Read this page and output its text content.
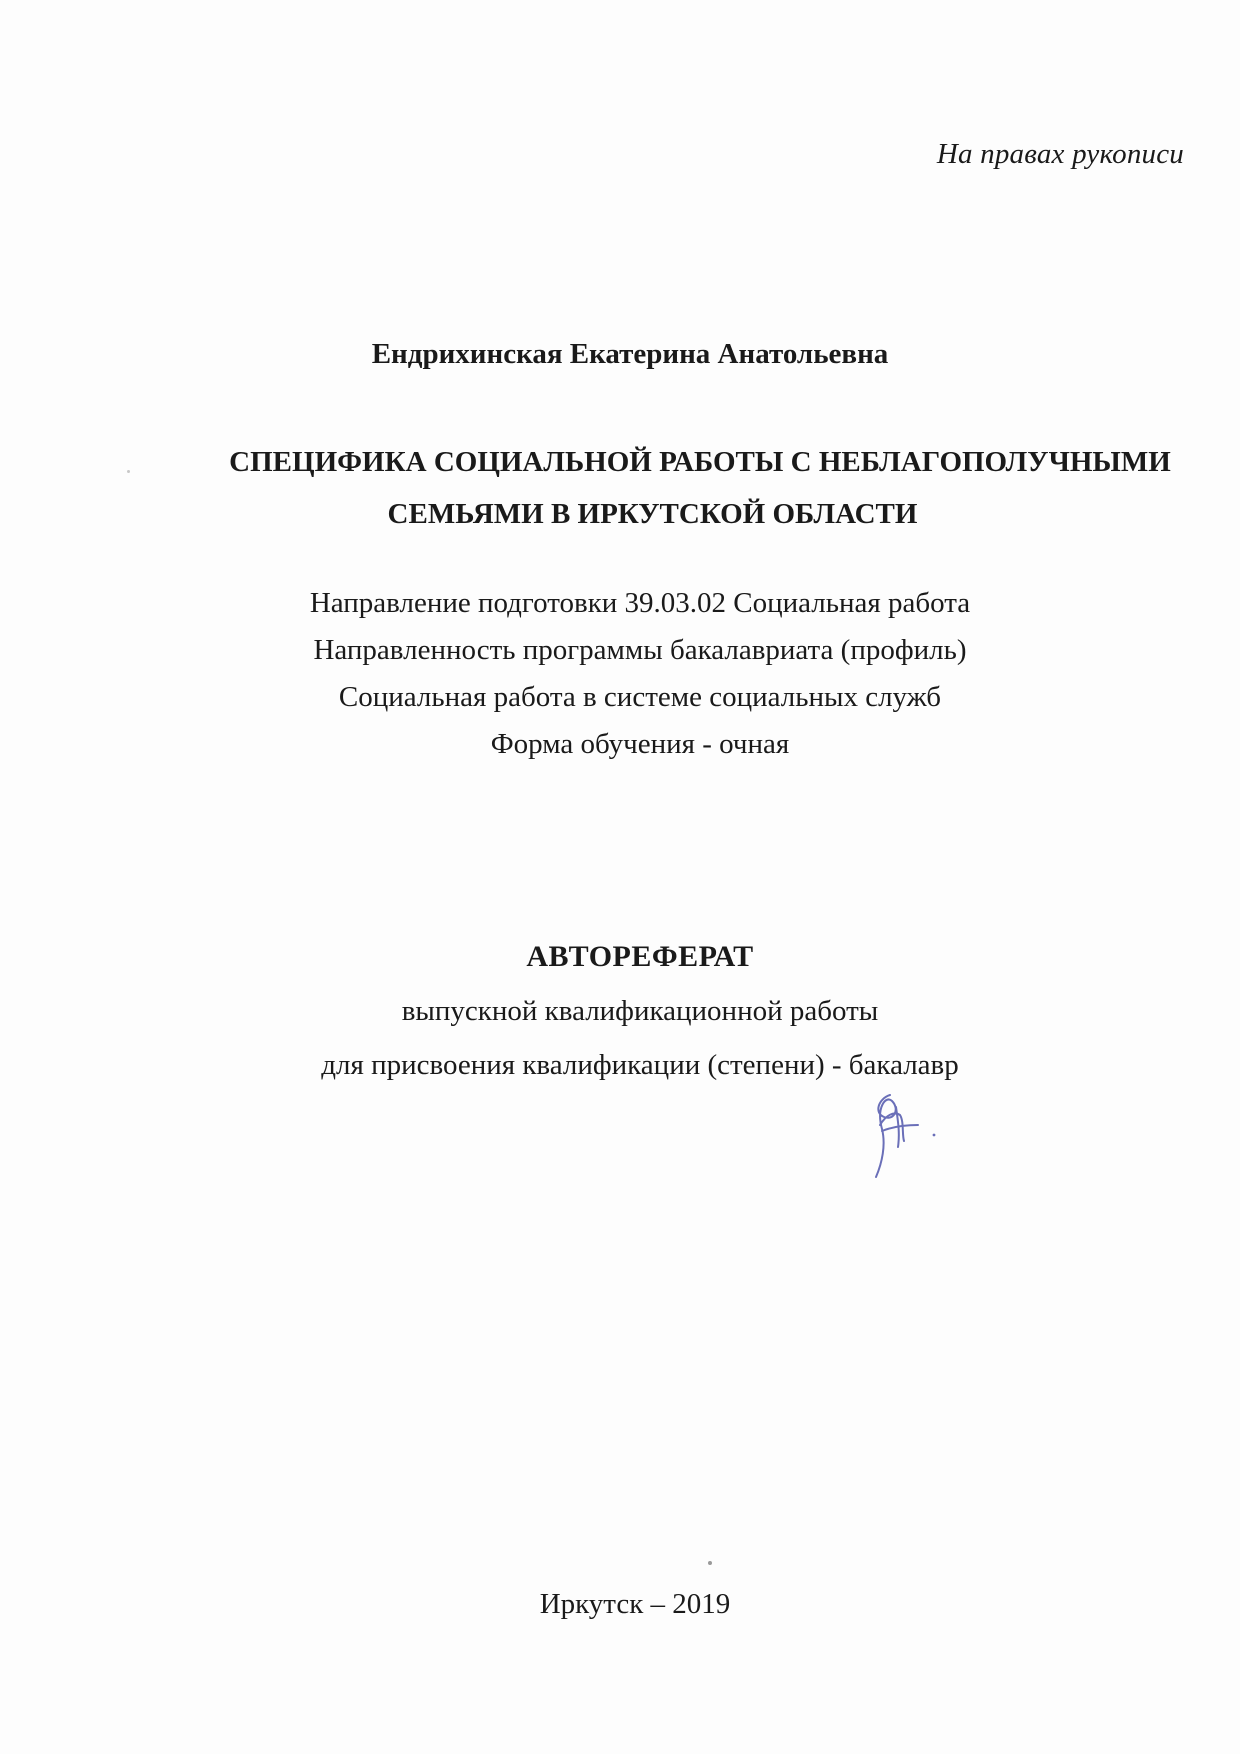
На правах рукописи
Ендрихинская Екатерина Анатольевна
СПЕЦИФИКА СОЦИАЛЬНОЙ РАБОТЫ С НЕБЛАГОПОЛУЧНЫМИ
СЕМЬЯМИ В ИРКУТСКОЙ ОБЛАСТИ
Направление подготовки 39.03.02 Социальная работа
Направленность программы бакалавриата (профиль)
Социальная работа в системе социальных служб
Форма обучения - очная
АВТОРЕФЕРАТ
выпускной квалификационной работы
для присвоения квалификации (степени) - бакалавр
Иркутск – 2019
